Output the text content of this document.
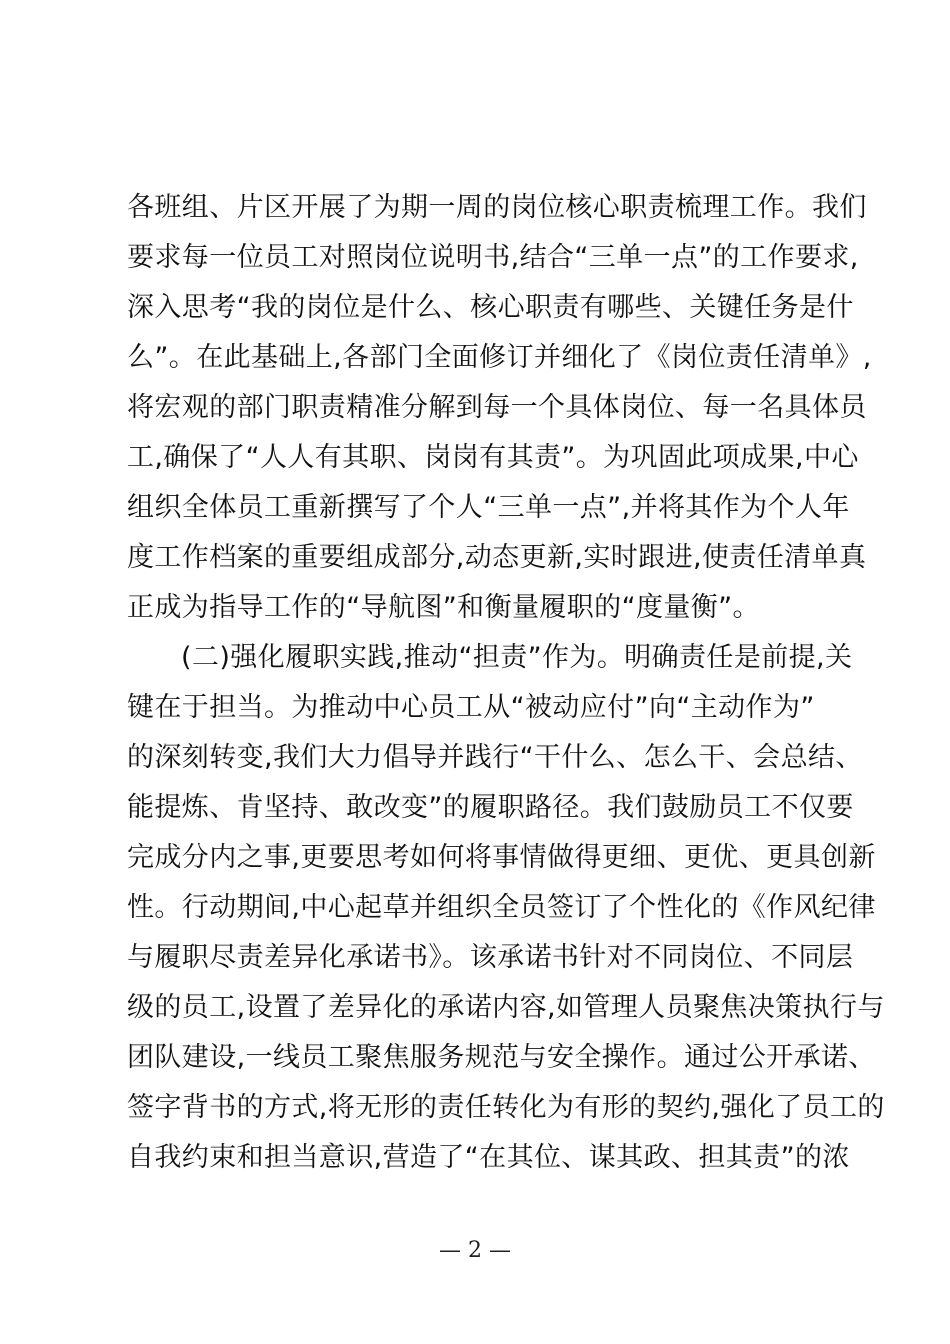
各班组、片区开展了为期一周的岗位核心职责梳理工作。我们
要求每一位员工对照岗位说明书,结合“三单一点”的工作要求,
深入思考“我的岗位是什么、核心职责有哪些、关键任务是什
么”。在此基础上,各部门全面修订并细化了《岗位责任清单》,
将宏观的部门职责精准分解到每一个具体岗位、每一名具体员
工,确保了“人人有其职、岗岗有其责”。为巩固此项成果,中心
组织全体员工重新撰写了个人“三单一点”,并将其作为个人年
度工作档案的重要组成部分,动态更新,实时跟进,使责任清单真
正成为指导工作的“导航图”和衡量履职的“度量衡”。
(二)强化履职实践,推动“担责”作为。明确责任是前提,关
键在于担当。为推动中心员工从“被动应付”向“主动作为”
的深刻转变,我们大力倡导并践行“干什么、怎么干、会总结、
能提炼、肯坚持、敢改变”的履职路径。我们鼓励员工不仅要
完成分内之事,更要思考如何将事情做得更细、更优、更具创新
性。行动期间,中心起草并组织全员签订了个性化的《作风纪律
与履职尽责差异化承诺书》。该承诺书针对不同岗位、不同层
级的员工,设置了差异化的承诺内容,如管理人员聚焦决策执行与
团队建设,一线员工聚焦服务规范与安全操作。通过公开承诺、
签字背书的方式,将无形的责任转化为有形的契约,强化了员工的
自我约束和担当意识,营造了“在其位、谋其政、担其责”的浓
— 2 —
